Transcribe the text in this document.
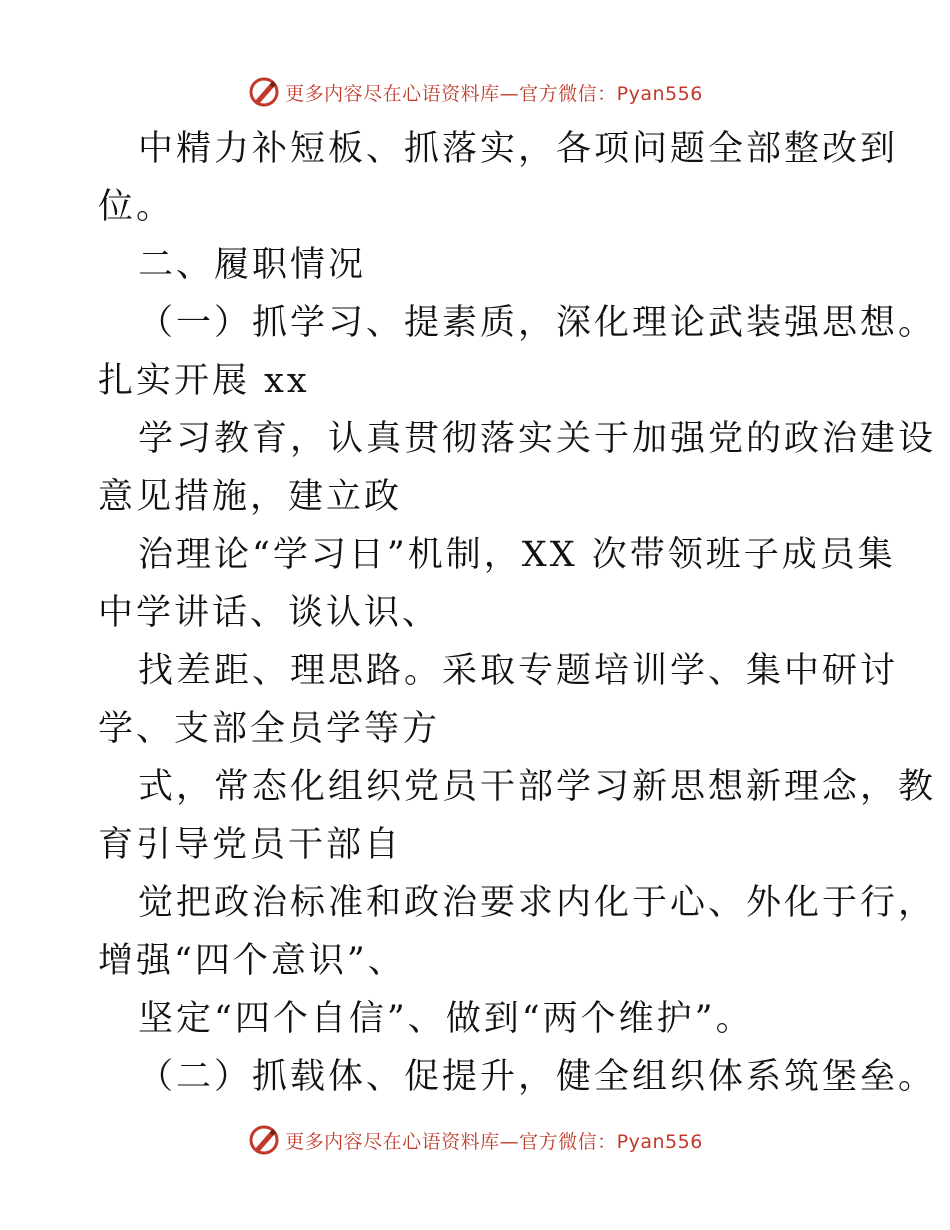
更多内容尽在心语资料库—官方微信：Pyan556
中精力补短板、抓落实，各项问题全部整改到
位。
二、履职情况
（一）抓学习、提素质，深化理论武装强思想。
扎实开展 xx
学习教育，认真贯彻落实关于加强党的政治建设
意见措施，建立政
治理论“学习日”机制，XX 次带领班子成员集
中学讲话、谈认识、
找差距、理思路。采取专题培训学、集中研讨
学、支部全员学等方
式，常态化组织党员干部学习新思想新理念，教
育引导党员干部自
觉把政治标准和政治要求内化于心、外化于行，
增强“四个意识”、
坚定“四个自信”、做到“两个维护”。
（二）抓载体、促提升，健全组织体系筑堡垒。
更多内容尽在心语资料库—官方微信：Pyan556
